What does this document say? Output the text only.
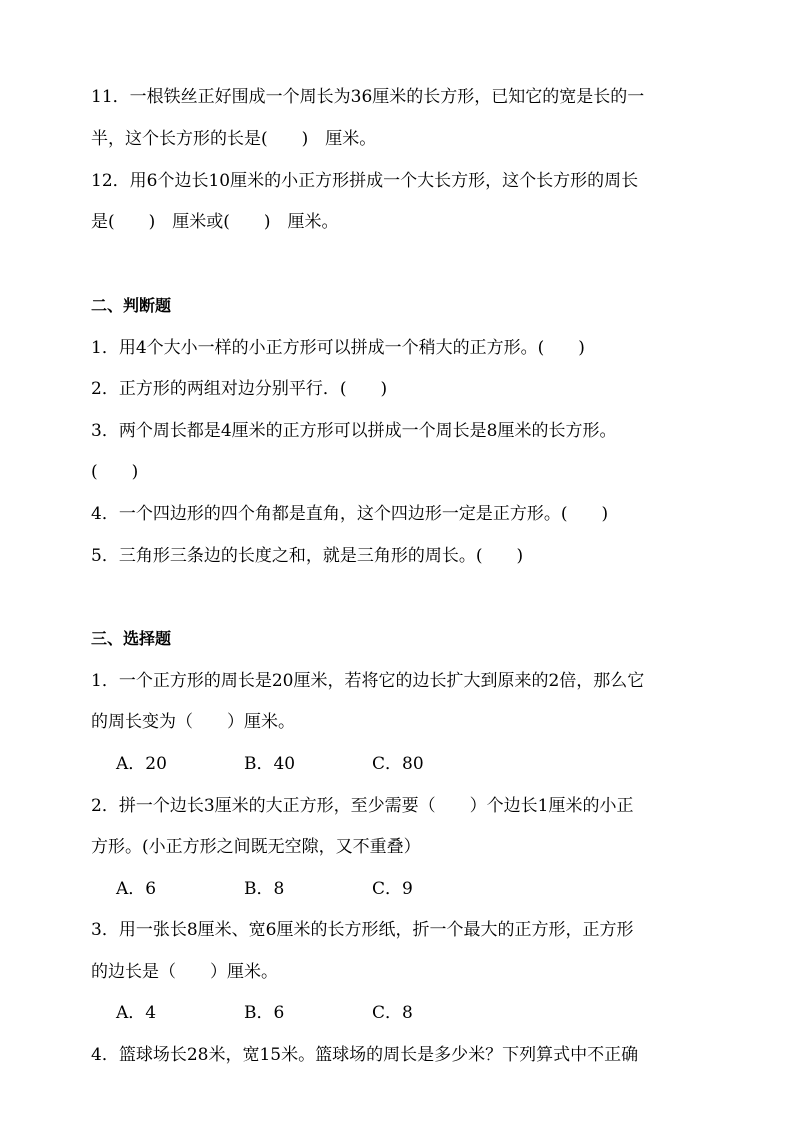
11．一根铁丝正好围成一个周长为36厘米的长方形，已知它的宽是长的一
半，这个长方形的长是(　　)　厘米。
12．用6个边长10厘米的小正方形拼成一个大长方形，这个长方形的周长
是(　　)　厘米或(　　)　厘米。
二、判断题
1．用4个大小一样的小正方形可以拼成一个稍大的正方形。(　　)
2．正方形的两组对边分别平行．(　　)
3．两个周长都是4厘米的正方形可以拼成一个周长是8厘米的长方形。
(　　)
4．一个四边形的四个角都是直角，这个四边形一定是正方形。(　　)
5．三角形三条边的长度之和，就是三角形的周长。(　　)
三、选择题
1．一个正方形的周长是20厘米，若将它的边长扩大到原来的2倍，那么它
的周长变为（　　）厘米。
A．20	B．40	C．80
2．拼一个边长3厘米的大正方形，至少需要（　　）个边长1厘米的小正
方形。(小正方形之间既无空隙，又不重叠）
A．6	B．8	C．9
3．用一张长8厘米、宽6厘米的长方形纸，折一个最大的正方形，正方形
的边长是（　　）厘米。
A．4	B．6	C．8
4．篮球场长28米，宽15米。篮球场的周长是多少米？下列算式中不正确
